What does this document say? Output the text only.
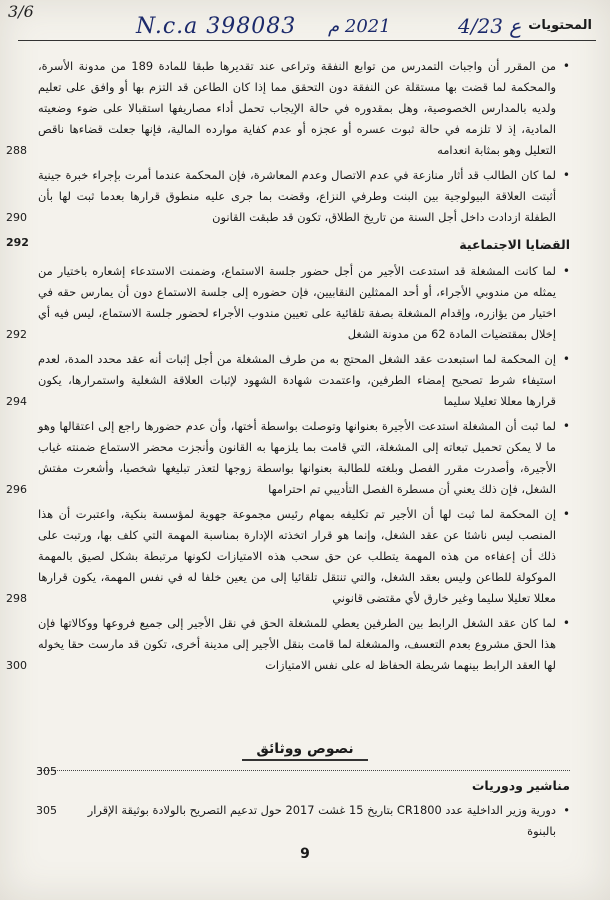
3/6
المحتويات
N.c.a 398083 2021 م	ع 4/23
• من المقرر أن واجبات التمدرس من توابع النفقة وتراعى عند تقديرها طبقا للمادة 189 من مدونة الأسرة، والمحكمة لما قضت بها مستقلة عن النفقة دون التحقق مما إذا كان الطاعن قد التزم بها أو وافق على تعليم ولديه بالمدارس الخصوصية، وهل بمقدوره في حالة الإيجاب تحمل أداء مصاريفها استقبالا على ضوء وضعيته المادية، إذ لا تلزمه في حالة ثبوت عسره أو عجزه أو عدم كفاية موارده المالية، فإنها جعلت قضاءها ناقص التعليل وهو بمثابة انعدامه
288
• لما كان الطالب قد أثار منازعة في عدم الاتصال وعدم المعاشرة، فإن المحكمة عندما أمرت بإجراء خبرة جينية أثبتت العلاقة البيولوجية بين البنت وطرفي النزاع، وقضت بما جرى عليه منطوق قرارها بعدما ثبت لها بأن الطفلة ازدادت داخل أجل السنة من تاريخ الطلاق، تكون قد طبقت القانون
290
القضايا الاجتماعية
292
• لما كانت المشغلة قد استدعت الأجير من أجل حضور جلسة الاستماع، وضمنت الاستدعاء إشعاره باختيار من يمثله من مندوبي الأجراء، أو أحد الممثلين النقابيين، فإن حضوره إلى جلسة الاستماع دون أن يمارس حقه في اختيار من يؤازره، وإقدام المشغلة بصفة تلقائية على تعيين مندوب الأجراء لحضور جلسة الاستماع، ليس فيه أي إخلال بمقتضيات المادة 62 من مدونة الشغل
292
• إن المحكمة لما استبعدت عقد الشغل المحتج به من طرف المشغلة من أجل إثبات أنه عقد محدد المدة، لعدم استيفاء شرط تصحيح إمضاء الطرفين، واعتمدت شهادة الشهود لإثبات العلاقة الشغلية واستمرارها، يكون قرارها معللا تعليلا سليما
294
• لما ثبت أن المشغلة استدعت الأجيرة بعنوانها وتوصلت بواسطة أختها، وأن عدم حضورها راجع إلى اعتقالها وهو ما لا يمكن تحميل تبعاته إلى المشغلة، التي قامت بما يلزمها به القانون وأنجزت محضر الاستماع ضمنته غياب الأجيرة، وأصدرت مقرر الفصل وبلغته للطالبة بعنوانها بواسطة زوجها لتعذر تبليغها شخصيا، وأشعرت مفتش الشغل، فإن ذلك يعني أن مسطرة الفصل التأديبي تم احترامها
296
• إن المحكمة لما ثبت لها أن الأجير تم تكليفه بمهام رئيس مجموعة جهوية لمؤسسة بنكية، واعتبرت أن هذا المنصب ليس ناشئا عن عقد الشغل، وإنما هو قرار اتخذته الإدارة بمناسبة المهمة التي كلف بها، ورتبت على ذلك أن إعفاءه من هذه المهمة يتطلب عن حق سحب هذه الامتيازات لكونها مرتبطة بشكل لصيق بالمهمة الموكولة للطاعن وليس بعقد الشغل، والتي تنتقل تلقائيا إلى من يعين خلفا له في نفس المهمة، يكون قرارها معللا تعليلا سليما وغير خارق لأي مقتضى قانوني
298
• لما كان عقد الشغل الرابط بين الطرفين يعطي للمشغلة الحق في نقل الأجير إلى جميع فروعها ووكالاتها فإن هذا الحق مشروع بعدم التعسف، والمشغلة لما قامت بنقل الأجير إلى مدينة أخرى، تكون قد مارست حقا يخوله لها العقد الرابط بينهما شريطة الحفاظ له على نفس الامتيازات
300
نصوص ووثائق
305
مناشير ودوريات
• دورية وزير الداخلية عدد CR1800 بتاريخ 15 غشت 2017 حول تدعيم التصريح بالولادة بوثيقة الإقرار بالبنوة
305
9
